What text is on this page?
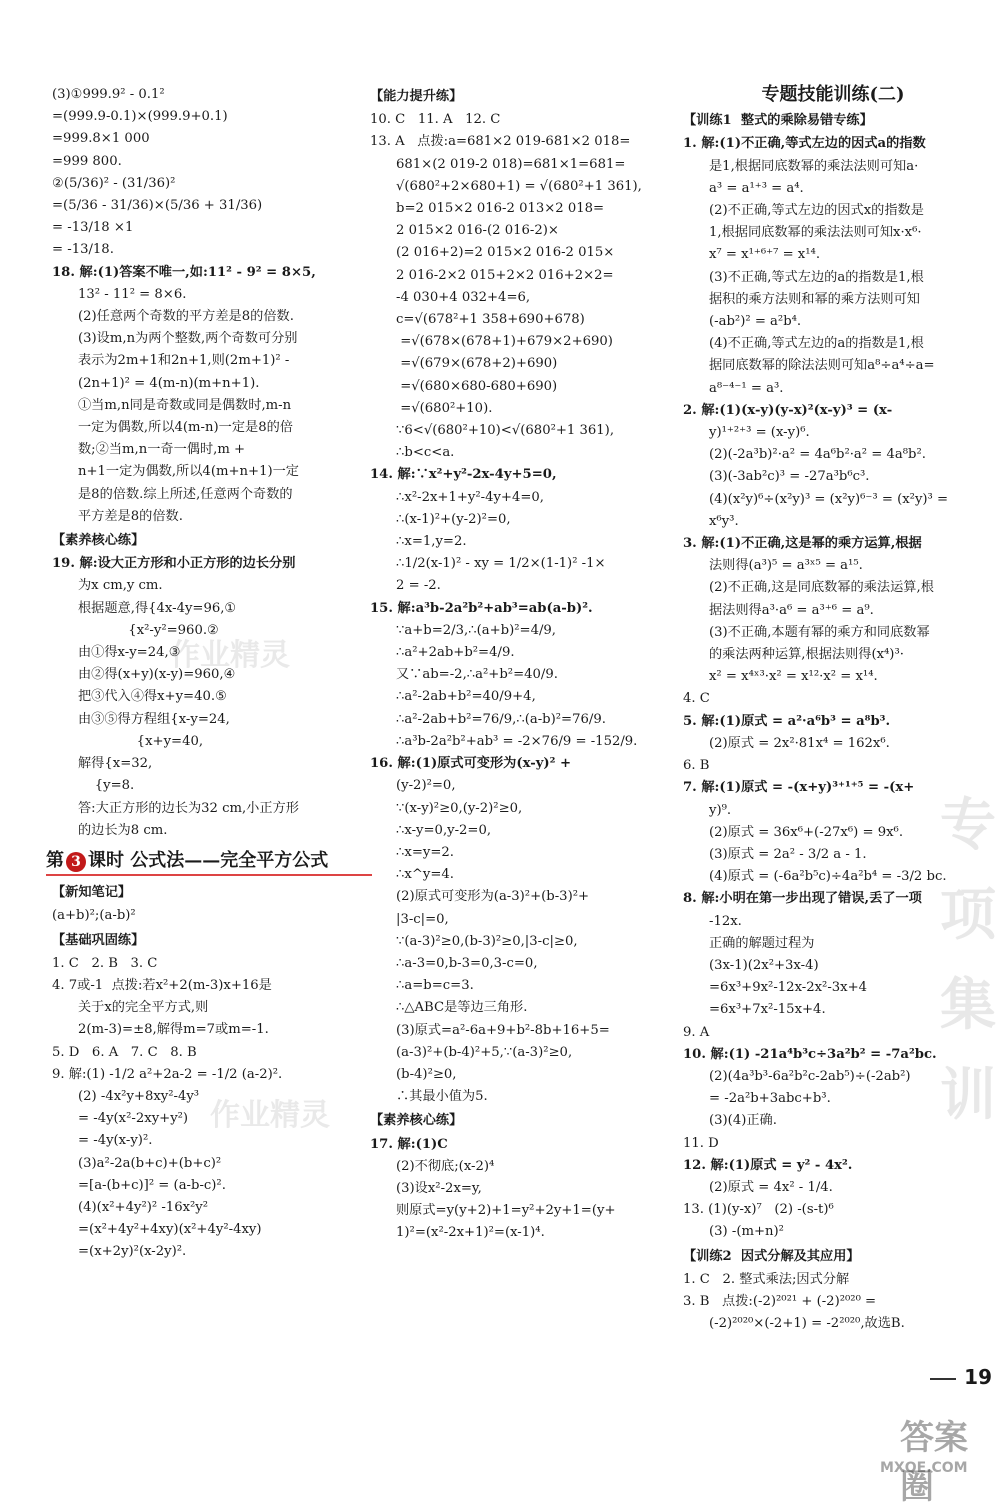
(3)①999.9² - 0.1²
=(999.9-0.1)×(999.9+0.1)
=999.8×1 000
=999 800.
②(5/36)² - (31/36)²
=(5/36 - 31/36)×(5/36 + 31/36)
= -13/18 ×1
= -13/18.
18. 解:(1)答案不唯一,如:11² - 9² = 8×5,
13² - 11² = 8×6.
(2)任意两个奇数的平方差是8的倍数.
(3)设m,n为两个整数,两个奇数可分别
表示为2m+1和2n+1,则(2m+1)² -
(2n+1)² = 4(m-n)(m+n+1).
①当m,n同是奇数或同是偶数时,m-n
一定为偶数,所以4(m-n)一定是8的倍
数;②当m,n一奇一偶时,m +
n+1一定为偶数,所以4(m+n+1)一定
是8的倍数.综上所述,任意两个奇数的
平方差是8的倍数.
【素养核心练】
19. 解:设大正方形和小正方形的边长分别
为x cm,y cm.
根据题意,得{4x-4y=96,①
{x²-y²=960.②
由①得x-y=24,③
由②得(x+y)(x-y)=960,④
把③代入④得x+y=40.⑤
由③⑤得方程组{x-y=24,
{x+y=40,
解得{x=32,
{y=8.
答:大正方形的边长为32 cm,小正方形
的边长为8 cm.
第 3 课时 公式法——完全平方公式
【新知笔记】
(a+b)²;(a-b)²
【基础巩固练】
1. C   2. B   3. C
4. 7或-1  点拨:若x²+2(m-3)x+16是
关于x的完全平方式,则
2(m-3)=±8,解得m=7或m=-1.
5. D   6. A   7. C   8. B
9. 解:(1) -1/2 a²+2a-2 = -1/2 (a-2)².
(2) -4x²y+8xy²-4y³
= -4y(x²-2xy+y²)
= -4y(x-y)².
(3)a²-2a(b+c)+(b+c)²
=[a-(b+c)]² = (a-b-c)².
(4)(x²+4y²)² -16x²y²
=(x²+4y²+4xy)(x²+4y²-4xy)
=(x+2y)²(x-2y)².
【能力提升练】
10. C   11. A   12. C
13. A   点拨:a=681×2 019-681×2 018=
681×(2 019-2 018)=681×1=681=
√(680²+2×680+1) = √(680²+1 361),
b=2 015×2 016-2 013×2 018=
2 015×2 016-(2 016-2)×
(2 016+2)=2 015×2 016-2 015×
2 016-2×2 015+2×2 016+2×2=
-4 030+4 032+4=6,
c=√(678²+1 358+690+678)
=√(678×(678+1)+679×2+690)
=√(679×(678+2)+690)
=√(680×680-680+690)
=√(680²+10).
∵6<√(680²+10)<√(680²+1 361),
∴b<c<a.
14. 解:∵x²+y²-2x-4y+5=0,
∴x²-2x+1+y²-4y+4=0,
∴(x-1)²+(y-2)²=0,
∴x=1,y=2.
∴1/2(x-1)² - xy = 1/2×(1-1)² -1×
2 = -2.
15. 解:a³b-2a²b²+ab³=ab(a-b)².
∵a+b=2/3,∴(a+b)²=4/9,
∴a²+2ab+b²=4/9.
又∵ab=-2,∴a²+b²=40/9.
∴a²-2ab+b²=40/9+4,
∴a²-2ab+b²=76/9,∴(a-b)²=76/9.
∴a³b-2a²b²+ab³ = -2×76/9 = -152/9.
16. 解:(1)原式可变形为(x-y)² +
(y-2)²=0,
∵(x-y)²≥0,(y-2)²≥0,
∴x-y=0,y-2=0,
∴x=y=2.
∴x^y=4.
(2)原式可变形为(a-3)²+(b-3)²+
|3-c|=0,
∵(a-3)²≥0,(b-3)²≥0,|3-c|≥0,
∴a-3=0,b-3=0,3-c=0,
∴a=b=c=3.
∴△ABC是等边三角形.
(3)原式=a²-6a+9+b²-8b+16+5=
(a-3)²+(b-4)²+5,∵(a-3)²≥0,
(b-4)²≥0,
∴其最小值为5.
【素养核心练】
17. 解:(1)C
(2)不彻底;(x-2)⁴
(3)设x²-2x=y,
则原式=y(y+2)+1=y²+2y+1=(y+
1)²=(x²-2x+1)²=(x-1)⁴.
专题技能训练(二)
【训练1  整式的乘除易错专练】
1. 解:(1)不正确,等式左边的因式a的指数
是1,根据同底数幂的乘法法则可知a·
a³ = a¹⁺³ = a⁴.
(2)不正确,等式左边的因式x的指数是
1,根据同底数幂的乘法法则可知x·x⁶·
x⁷ = x¹⁺⁶⁺⁷ = x¹⁴.
(3)不正确,等式左边的a的指数是1,根
据积的乘方法则和幂的乘方法则可知
(-ab²)² = a²b⁴.
(4)不正确,等式左边的a的指数是1,根
据同底数幂的除法法则可知a⁸÷a⁴÷a=
a⁸⁻⁴⁻¹ = a³.
2. 解:(1)(x-y)(y-x)²(x-y)³ = (x-
y)¹⁺²⁺³ = (x-y)⁶.
(2)(-2a³b)²·a² = 4a⁶b²·a² = 4a⁸b².
(3)(-3ab²c)³ = -27a³b⁶c³.
(4)(x²y)⁶÷(x²y)³ = (x²y)⁶⁻³ = (x²y)³ =
x⁶y³.
3. 解:(1)不正确,这是幂的乘方运算,根据
法则得(a³)⁵ = a³ˣ⁵ = a¹⁵.
(2)不正确,这是同底数幂的乘法运算,根
据法则得a³·a⁶ = a³⁺⁶ = a⁹.
(3)不正确,本题有幂的乘方和同底数幂
的乘法两种运算,根据法则得(x⁴)³·
x² = x⁴ˣ³·x² = x¹²·x² = x¹⁴.
4. C
5. 解:(1)原式 = a²·a⁶b³ = a⁸b³.
(2)原式 = 2x²·81x⁴ = 162x⁶.
6. B
7. 解:(1)原式 = -(x+y)³⁺¹⁺⁵ = -(x+
y)⁹.
(2)原式 = 36x⁶+(-27x⁶) = 9x⁶.
(3)原式 = 2a² - 3/2 a - 1.
(4)原式 = (-6a²b⁵c)÷4a²b⁴ = -3/2 bc.
8. 解:小明在第一步出现了错误,丢了一项
-12x.
正确的解题过程为
(3x-1)(2x²+3x-4)
=6x³+9x²-12x-2x²-3x+4
=6x³+7x²-15x+4.
9. A
10. 解:(1) -21a⁴b³c÷3a²b² = -7a²bc.
(2)(4a³b³-6a²b²c-2ab⁵)÷(-2ab²)
= -2a²b+3abc+b³.
(3)(4)正确.
11. D
12. 解:(1)原式 = y² - 4x².
(2)原式 = 4x² - 1/4.
13. (1)(y-x)⁷   (2) -(s-t)⁶
(3) -(m+n)²
【训练2  因式分解及其应用】
1. C   2. 整式乘法;因式分解
3. B   点拨:(-2)²⁰²¹ + (-2)²⁰²⁰ =
(-2)²⁰²⁰×(-2+1) = -2²⁰²⁰,故选B.
专
项
集
训
作业精灵
作业精灵
答案圈
MXQE.COM
19
